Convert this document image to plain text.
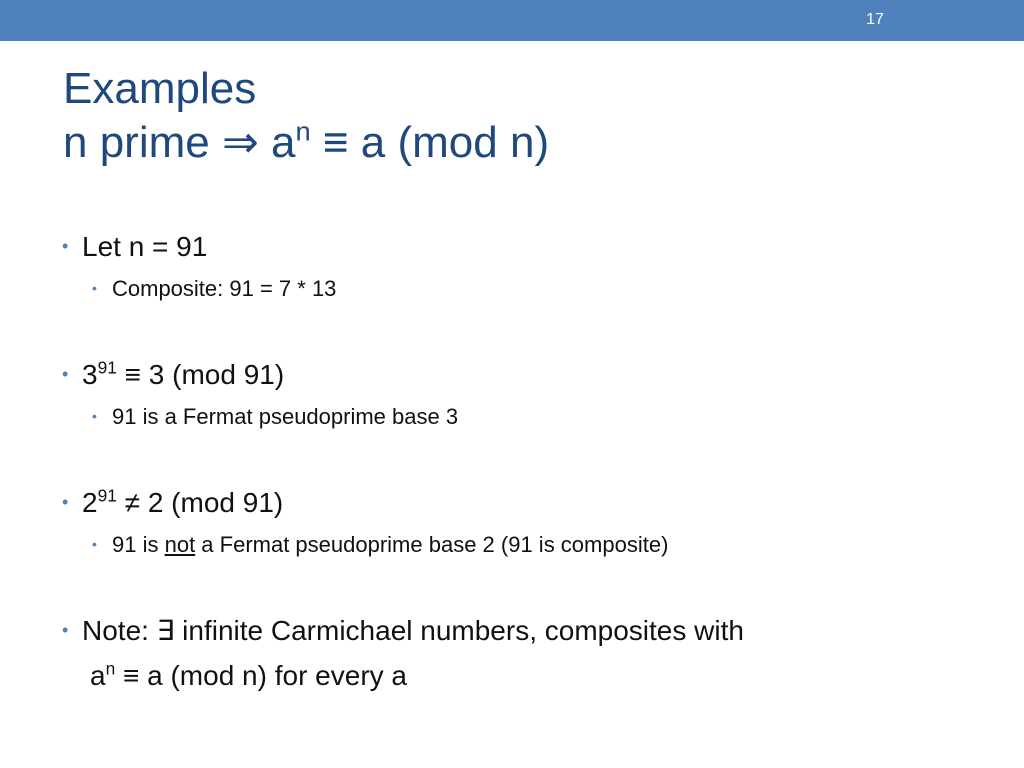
17
Examples
n prime ⇒ $a^n \equiv a$ (mod n)
• Let n = 91
• Composite: 91 = 7 * 13
• $3^{91} \equiv 3$ (mod 91)
• 91 is a Fermat pseudoprime base 3
• $2^{91} \ne 2$ (mod 91)
• 91 is not a Fermat pseudoprime base 2 (91 is composite)
• Note: ∃ infinite Carmichael numbers, composites with
$a^n \equiv a$ (mod n) for every a
